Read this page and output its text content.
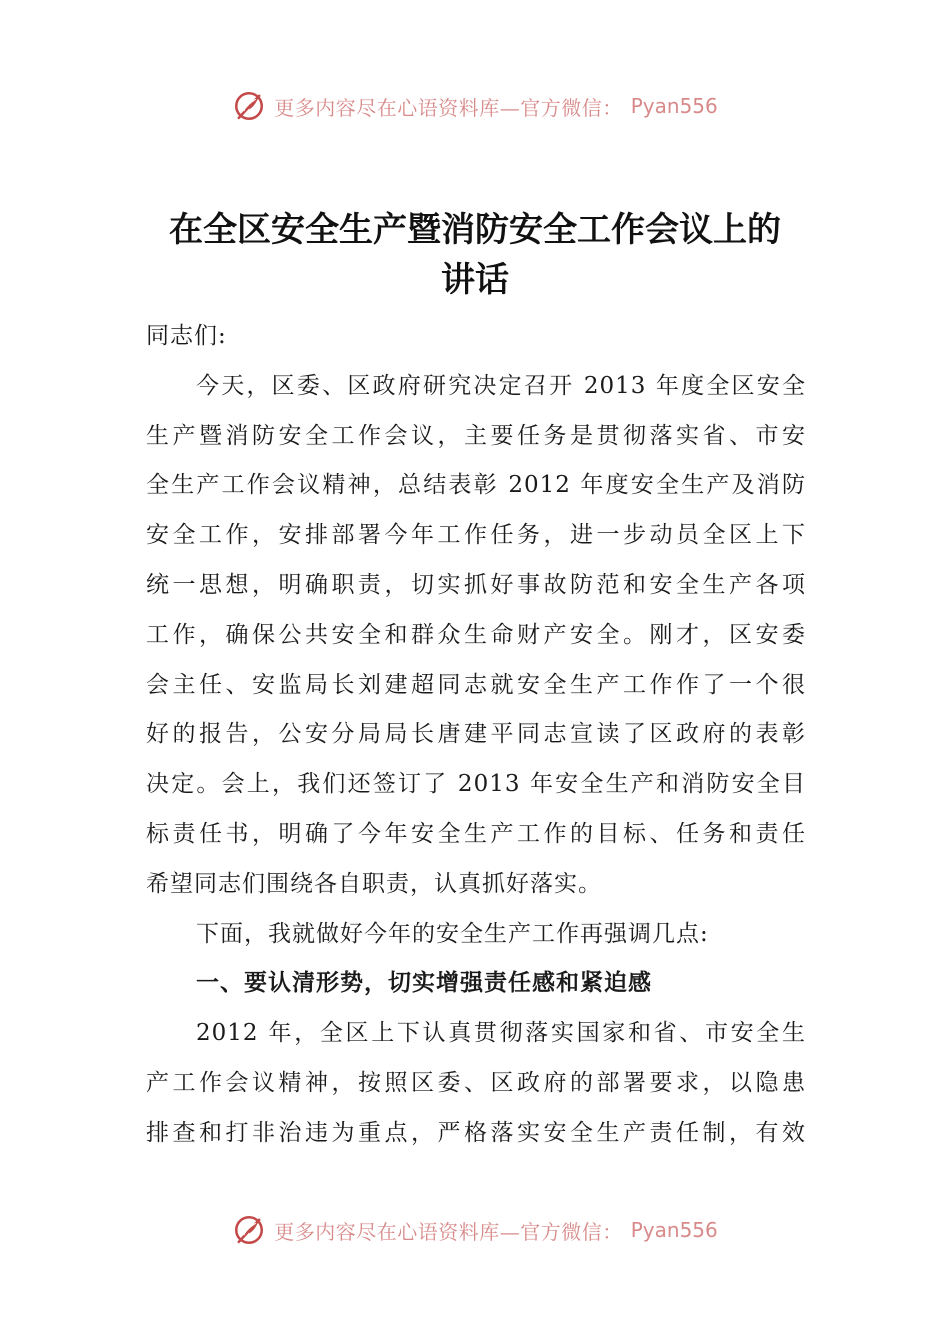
更多内容尽在心语资料库—官方微信： Pyan556
在全区安全生产暨消防安全工作会议上的
讲话
同志们:
今天，区委、区政府研究决定召开 2013 年度全区安全
生产暨消防安全工作会议，主要任务是贯彻落实省、市安
全生产工作会议精神，总结表彰 2012 年度安全生产及消防
安全工作，安排部署今年工作任务，进一步动员全区上下
统一思想，明确职责，切实抓好事故防范和安全生产各项
工作，确保公共安全和群众生命财产安全。刚才，区安委
会主任、安监局长刘建超同志就安全生产工作作了一个很
好的报告，公安分局局长唐建平同志宣读了区政府的表彰
决定。会上，我们还签订了 2013 年安全生产和消防安全目
标责任书，明确了今年安全生产工作的目标、任务和责任
希望同志们围绕各自职责，认真抓好落实。
下面，我就做好今年的安全生产工作再强调几点:
一、要认清形势，切实增强责任感和紧迫感
2012 年，全区上下认真贯彻落实国家和省、市安全生
产工作会议精神，按照区委、区政府的部署要求，以隐患
排查和打非治违为重点，严格落实安全生产责任制，有效
更多内容尽在心语资料库—官方微信： Pyan556
